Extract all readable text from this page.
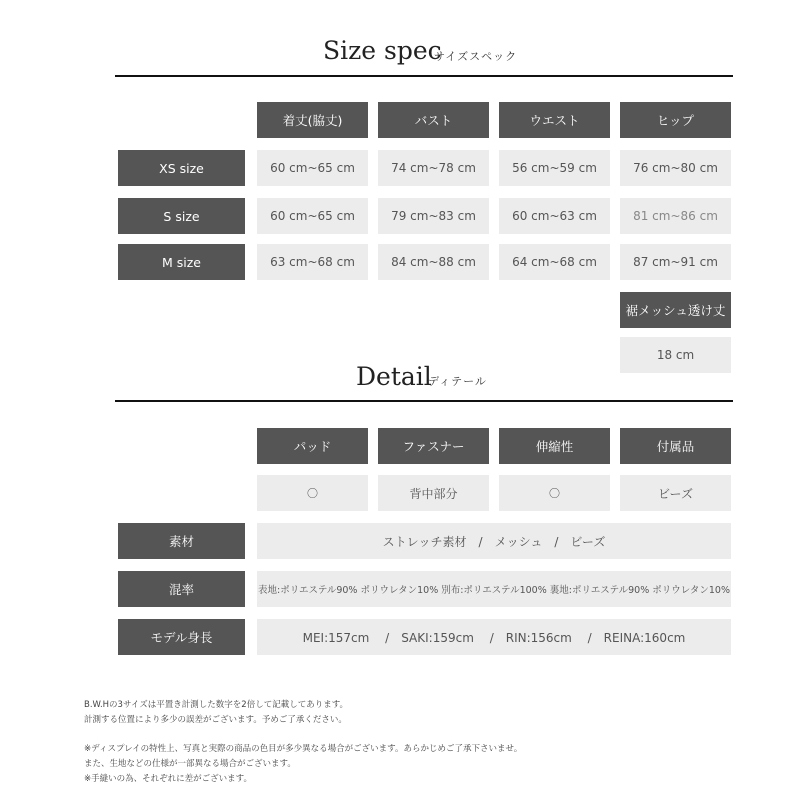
Size spec
サイズスペック
着丈(脇丈)	バスト	ウエスト	ヒップ
XS size	60 cm~65 cm	74 cm~78 cm	56 cm~59 cm	76 cm~80 cm
S size	60 cm~65 cm	79 cm~83 cm	60 cm~63 cm	81 cm~86 cm
M size	63 cm~68 cm	84 cm~88 cm	64 cm~68 cm	87 cm~91 cm
裾メッシュ透け丈
18 cm
Detail
ディテール
パッド	ファスナー	伸縮性	付属品
〇	背中部分	〇	ビーズ
素材	ストレッチ素材　/　メッシュ　/　ビーズ
混率	表地:ポリエステル90% ポリウレタン10% 別布:ポリエステル100% 裏地:ポリエステル90% ポリウレタン10%
モデル身長	MEI:157cm　 /　SAKI:159cm　 /　RIN:156cm　 /　REINA:160cm
B.W.Hの3サイズは平置き計測した数字を2倍して記載してあります。
計測する位置により多少の誤差がございます。予めご了承ください。
※ディスプレイの特性上、写真と実際の商品の色目が多少異なる場合がございます。あらかじめご了承下さいませ。
また、生地などの仕様が一部異なる場合がございます。
※手縫いの為、それぞれに差がございます。
